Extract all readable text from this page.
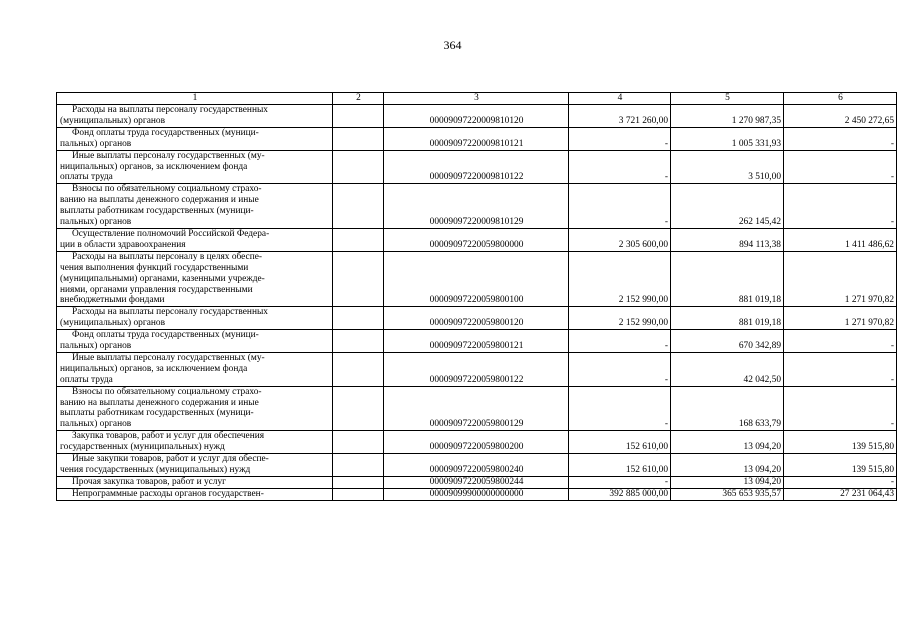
364
1	2	3	4	5	6
Расходы на выплаты персоналу государственных
(муниципальных) органов		00009097220009810120	3 721 260,00	1 270 987,35	2 450 272,65
Фонд оплаты труда государственных (муници-
пальных) органов		00009097220009810121	-	1 005 331,93	-
Иные выплаты персоналу государственных (му-
ниципальных) органов, за исключением фонда
оплаты труда		00009097220009810122	-	3 510,00	-
Взносы по обязательному социальному страхо-
ванию на выплаты денежного содержания и иные
выплаты работникам государственных (муници-
пальных) органов		00009097220009810129	-	262 145,42	-
Осуществление полномочий Российской Федера-
ции в области здравоохранения		00009097220059800000	2 305 600,00	894 113,38	1 411 486,62
Расходы на выплаты персоналу в целях обеспе-
чения выполнения функций государственными
(муниципальными) органами, казенными учрежде-
ниями, органами управления государственными
внебюджетными фондами		00009097220059800100	2 152 990,00	881 019,18	1 271 970,82
Расходы на выплаты персоналу государственных
(муниципальных) органов		00009097220059800120	2 152 990,00	881 019,18	1 271 970,82
Фонд оплаты труда государственных (муници-
пальных) органов		00009097220059800121	-	670 342,89	-
Иные выплаты персоналу государственных (му-
ниципальных) органов, за исключением фонда
оплаты труда		00009097220059800122	-	42 042,50	-
Взносы по обязательному социальному страхо-
ванию на выплаты денежного содержания и иные
выплаты работникам государственных (муници-
пальных) органов		00009097220059800129	-	168 633,79	-
Закупка товаров, работ и услуг для обеспечения
государственных (муниципальных) нужд		00009097220059800200	152 610,00	13 094,20	139 515,80
Иные закупки товаров, работ и услуг для обеспе-
чения государственных (муниципальных) нужд		00009097220059800240	152 610,00	13 094,20	139 515,80
Прочая закупка товаров, работ и услуг		00009097220059800244	-	13 094,20	-
Непрограммные расходы органов государствен-		00009099900000000000	392 885 000,00	365 653 935,57	27 231 064,43
